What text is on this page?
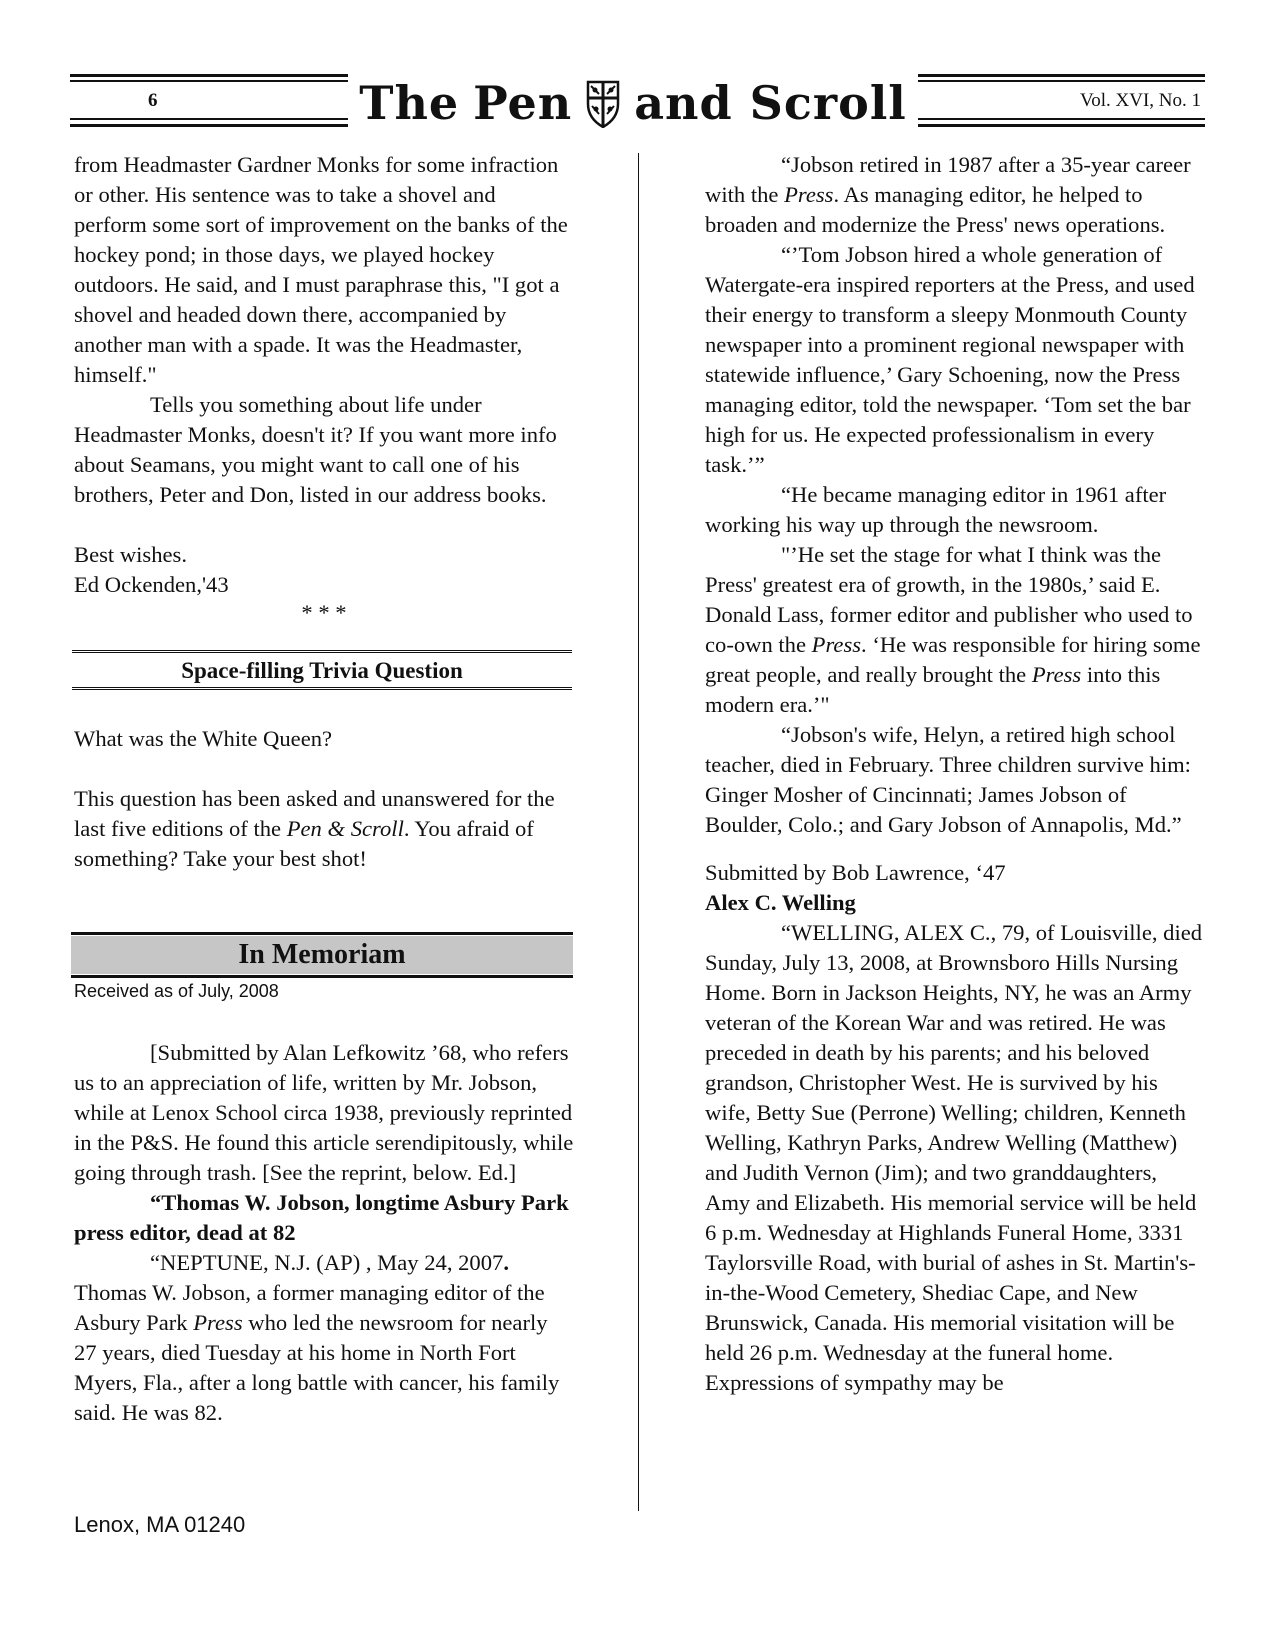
6	Vol. XVI, No. 1
The Pen and Scroll

from Headmaster Gardner Monks for some infraction or other. His sentence was to take a shovel and perform some sort of improvement on the banks of the hockey pond; in those days, we played hockey outdoors. He said, and I must paraphrase this, "I got a shovel and headed down there, accompanied by another man with a spade. It was the Headmaster, himself."

Tells you something about life under Headmaster Monks, doesn't it? If you want more info about Seamans, you might want to call one of his brothers, Peter and Don, listed in our address books.

Best wishes.

Ed Ockenden,'43

* * *

Space-filling Trivia Question

What was the White Queen?

This question has been asked and unanswered for the last five editions of the Pen & Scroll. You afraid of something? Take your best shot!

In Memoriam

Received as of July, 2008

[Submitted by Alan Lefkowitz ’68, who refers us to an appreciation of life, written by Mr. Jobson, while at Lenox School circa 1938, previously reprinted in the P&S. He found this article serendipitously, while going through trash. [See the reprint, below. Ed.]

“Thomas W. Jobson, longtime Asbury Park press editor, dead at 82

“NEPTUNE, N.J. (AP) , May 24, 2007. Thomas W. Jobson, a former managing editor of the Asbury Park Press who led the newsroom for nearly 27 years, died Tuesday at his home in North Fort Myers, Fla., after a long battle with cancer, his family said. He was 82.

“Jobson retired in 1987 after a 35-year career with the Press. As managing editor, he helped to broaden and modernize the Press' news operations.

“’Tom Jobson hired a whole generation of Watergate-era inspired reporters at the Press, and used their energy to transform a sleepy Monmouth County newspaper into a prominent regional newspaper with statewide influence,’ Gary Schoening, now the Press managing editor, told the newspaper. ‘Tom set the bar high for us. He expected professionalism in every task.’”

“He became managing editor in 1961 after working his way up through the newsroom.

"’He set the stage for what I think was the Press' greatest era of growth, in the 1980s,’ said E. Donald Lass, former editor and publisher who used to co-own the Press. ‘He was responsible for hiring some great people, and really brought the Press into this modern era.’"

“Jobson's wife, Helyn, a retired high school teacher, died in February. Three children survive him: Ginger Mosher of Cincinnati; James Jobson of Boulder, Colo.; and Gary Jobson of Annapolis, Md.”

Submitted by Bob Lawrence, ‘47

Alex C. Welling

“WELLING, ALEX C., 79, of Louisville, died Sunday, July 13, 2008, at Brownsboro Hills Nursing Home. Born in Jackson Heights, NY, he was an Army veteran of the Korean War and was retired. He was preceded in death by his parents; and his beloved grandson, Christopher West. He is survived by his wife, Betty Sue (Perrone) Welling; children, Kenneth Welling, Kathryn Parks, Andrew Welling (Matthew) and Judith Vernon (Jim); and two granddaughters, Amy and Elizabeth. His memorial service will be held 6 p.m. Wednesday at Highlands Funeral Home, 3331 Taylorsville Road, with burial of ashes in St. Martin's-in-the-Wood Cemetery, Shediac Cape, and New Brunswick, Canada. His memorial visitation will be held 26 p.m. Wednesday at the funeral home. Expressions of sympathy may be

Lenox, MA 01240
